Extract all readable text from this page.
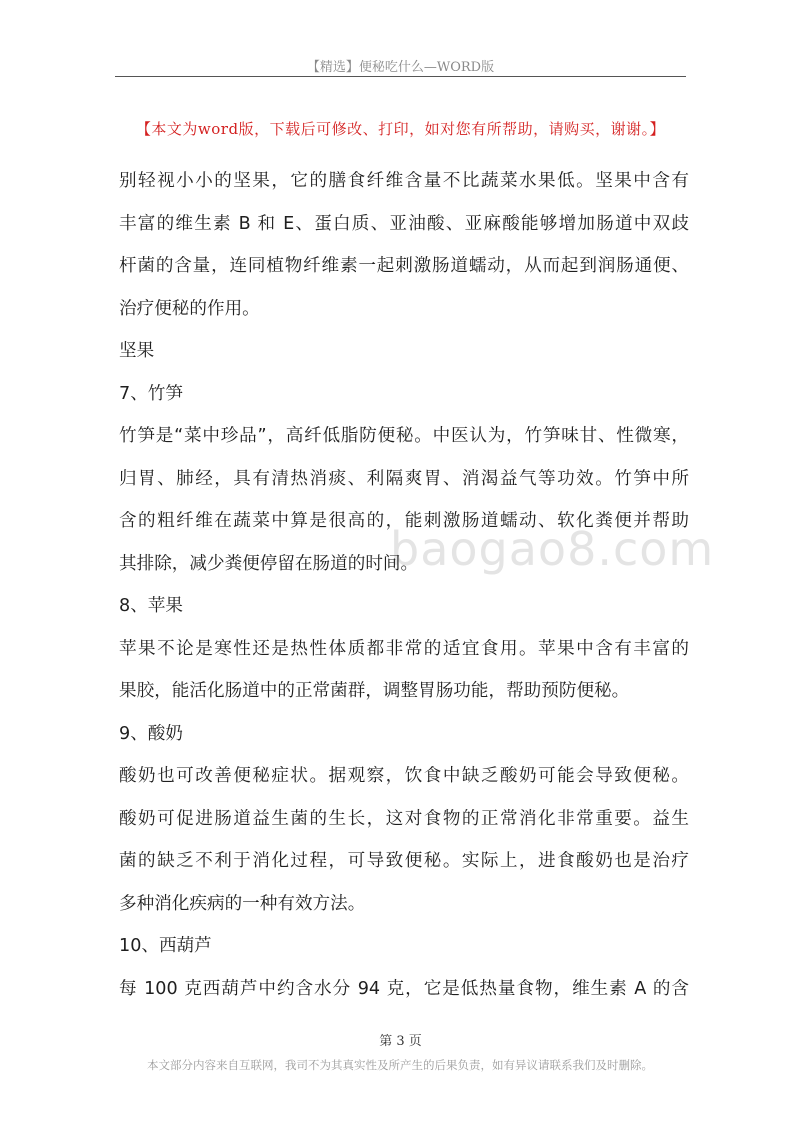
【精选】便秘吃什么—WORD版
【本文为word版，下载后可修改、打印，如对您有所帮助，请购买，谢谢。】
baogao8.com
别轻视小小的坚果，它的膳食纤维含量不比蔬菜水果低。坚果中含有
丰富的维生素 B 和 E、蛋白质、亚油酸、亚麻酸能够增加肠道中双歧
杆菌的含量，连同植物纤维素一起刺激肠道蠕动，从而起到润肠通便、
治疗便秘的作用。
坚果
7、竹笋
竹笋是“菜中珍品”，高纤低脂防便秘。中医认为，竹笋味甘、性微寒，
归胃、肺经，具有清热消痰、利隔爽胃、消渴益气等功效。竹笋中所
含的粗纤维在蔬菜中算是很高的，能刺激肠道蠕动、软化粪便并帮助
其排除，减少粪便停留在肠道的时间。
8、苹果
苹果不论是寒性还是热性体质都非常的适宜食用。苹果中含有丰富的
果胶，能活化肠道中的正常菌群，调整胃肠功能，帮助预防便秘。
9、酸奶
酸奶也可改善便秘症状。据观察，饮食中缺乏酸奶可能会导致便秘。
酸奶可促进肠道益生菌的生长，这对食物的正常消化非常重要。益生
菌的缺乏不利于消化过程，可导致便秘。实际上，进食酸奶也是治疗
多种消化疾病的一种有效方法。
10、西葫芦
每 100 克西葫芦中约含水分 94 克，它是低热量食物，维生素 A 的含
第 3 页
本文部分内容来自互联网，我司不为其真实性及所产生的后果负责，如有异议请联系我们及时删除。
